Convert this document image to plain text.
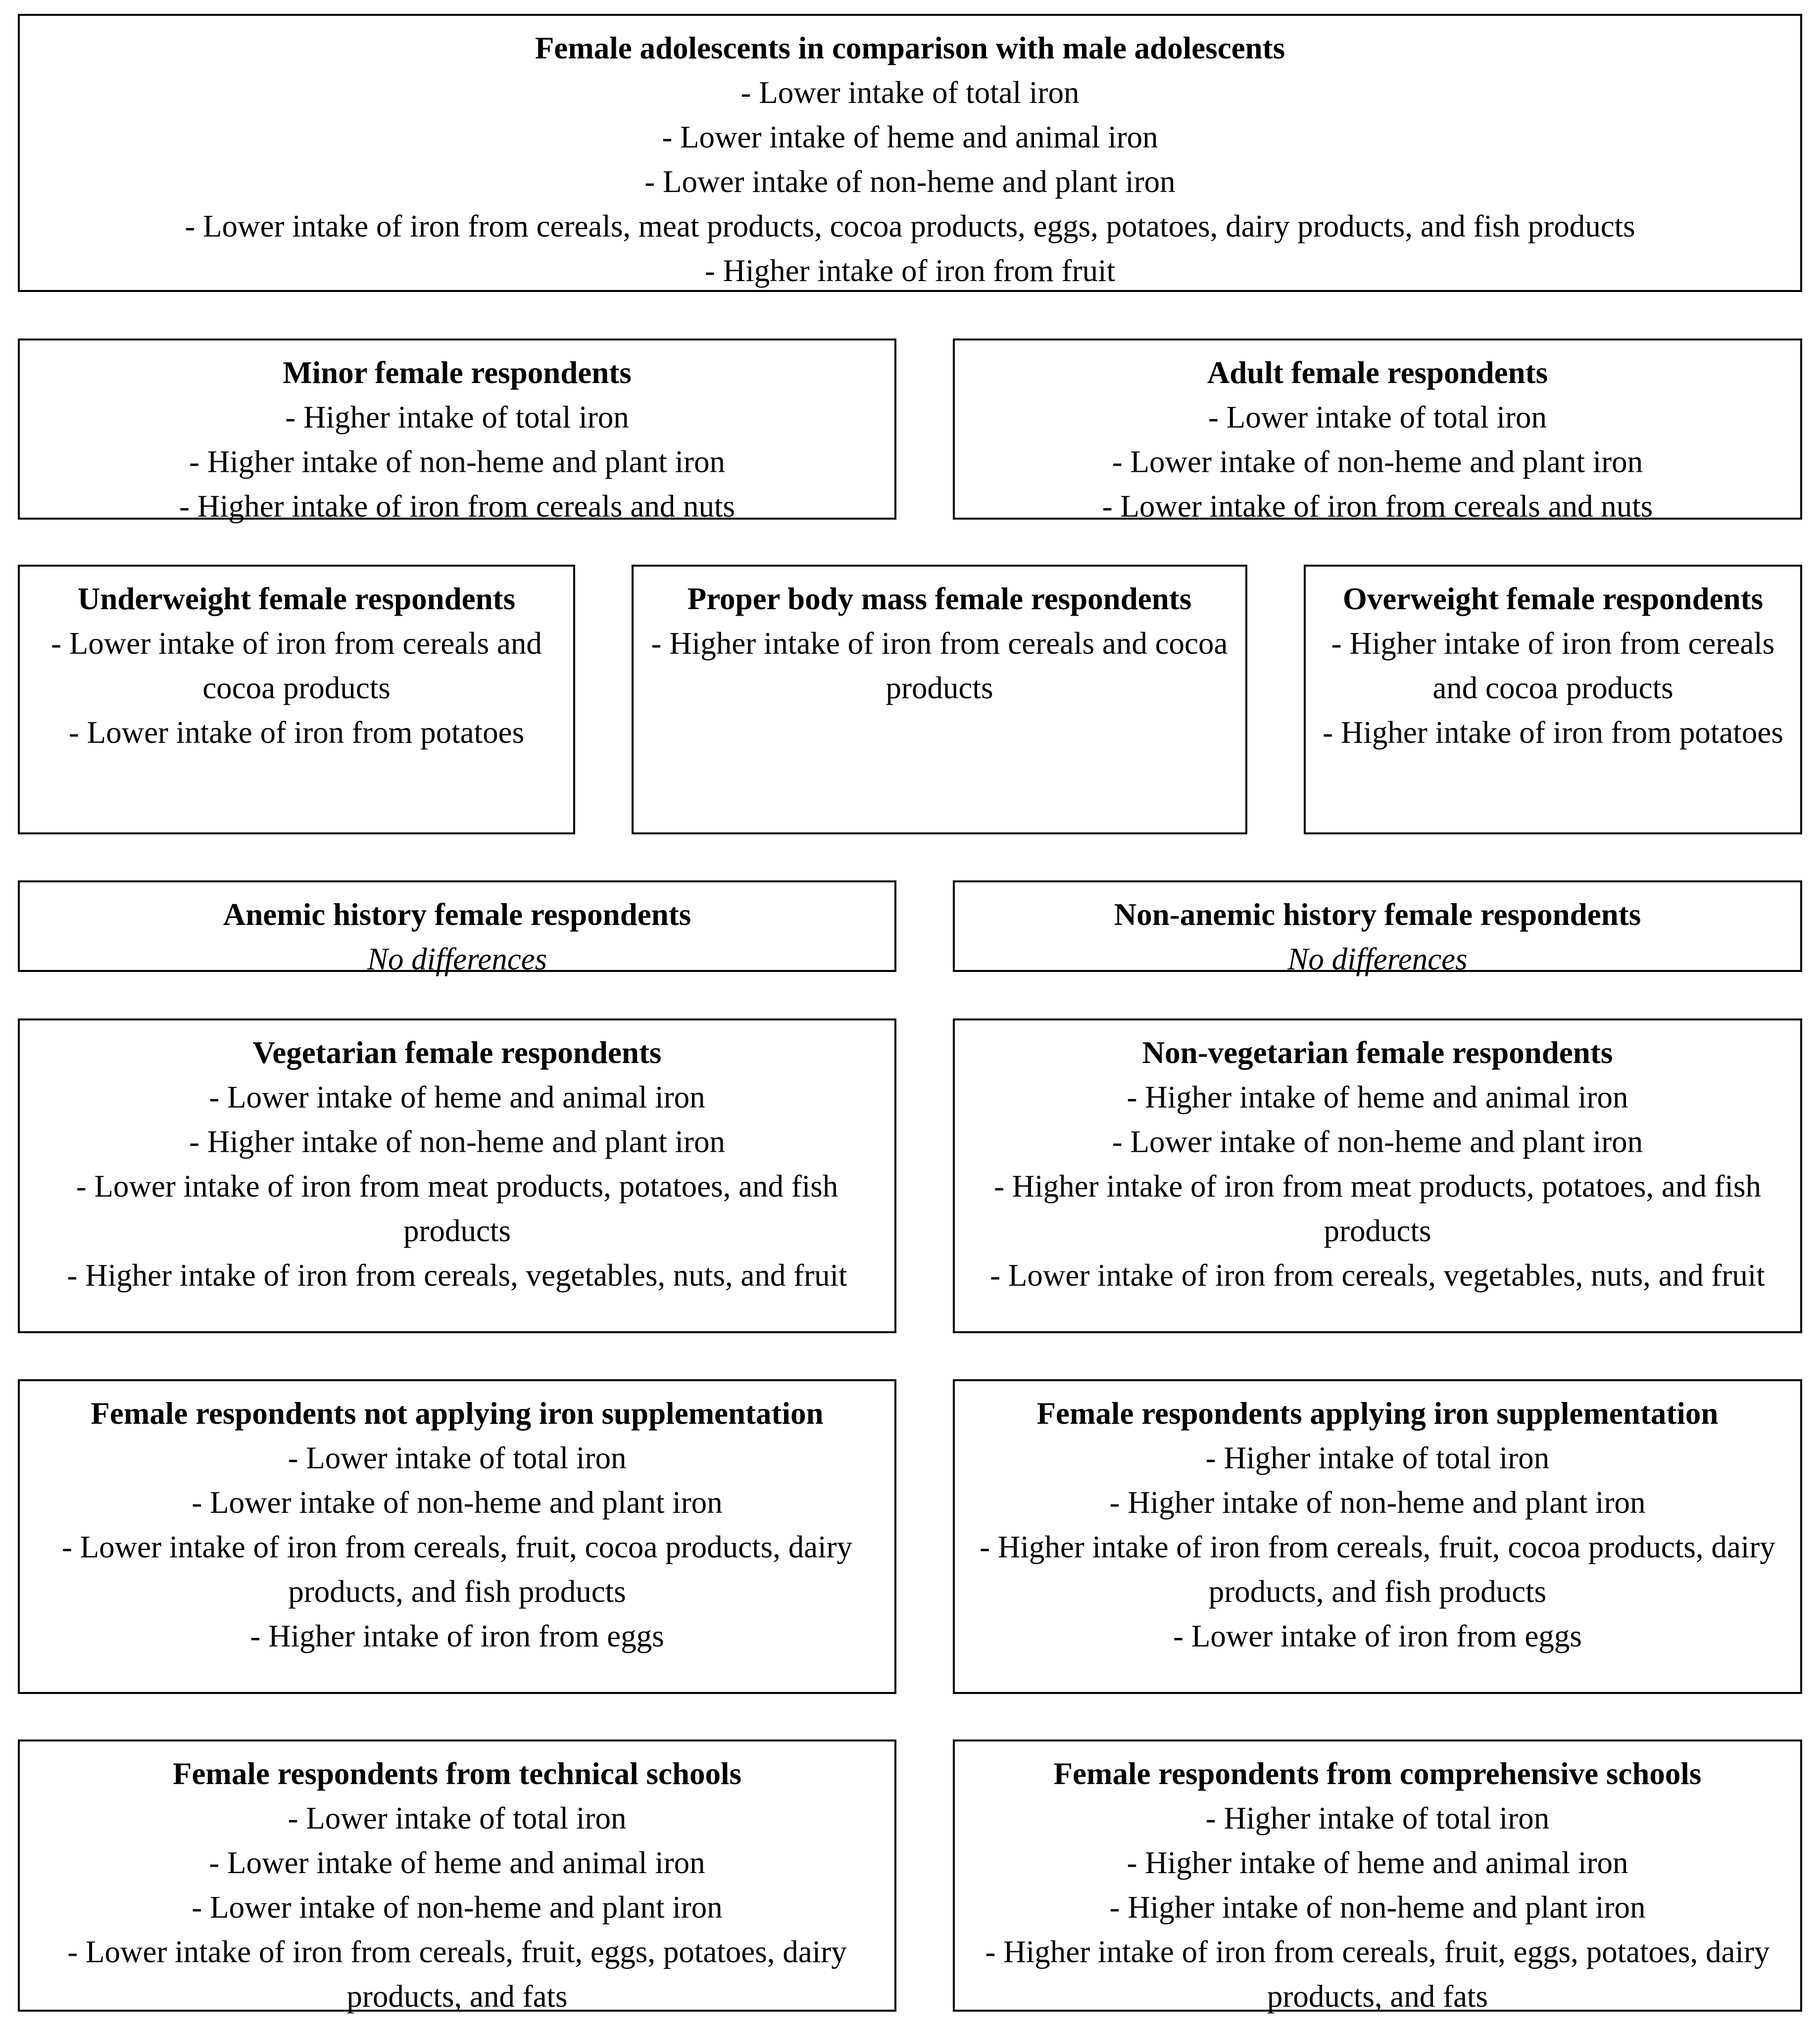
Female adolescents in comparison with male adolescents
- Lower intake of total iron
- Lower intake of heme and animal iron
- Lower intake of non-heme and plant iron
- Lower intake of iron from cereals, meat products, cocoa products, eggs, potatoes, dairy products, and fish products
- Higher intake of iron from fruit
Minor female respondents
- Higher intake of total iron
- Higher intake of non-heme and plant iron
- Higher intake of iron from cereals and nuts
Adult female respondents
- Lower intake of total iron
- Lower intake of non-heme and plant iron
- Lower intake of iron from cereals and nuts
Underweight female respondents
- Lower intake of iron from cereals and cocoa products
- Lower intake of iron from potatoes
Proper body mass female respondents
- Higher intake of iron from cereals and cocoa products
Overweight female respondents
- Higher intake of iron from cereals and cocoa products
- Higher intake of iron from potatoes
Anemic history female respondents
No differences
Non-anemic history female respondents
No differences
Vegetarian female respondents
- Lower intake of heme and animal iron
- Higher intake of non-heme and plant iron
- Lower intake of iron from meat products, potatoes, and fish products
- Higher intake of iron from cereals, vegetables, nuts, and fruit
Non-vegetarian female respondents
- Higher intake of heme and animal iron
- Lower intake of non-heme and plant iron
- Higher intake of iron from meat products, potatoes, and fish products
- Lower intake of iron from cereals, vegetables, nuts, and fruit
Female respondents not applying iron supplementation
- Lower intake of total iron
- Lower intake of non-heme and plant iron
- Lower intake of iron from cereals, fruit, cocoa products, dairy products, and fish products
- Higher intake of iron from eggs
Female respondents applying iron supplementation
- Higher intake of total iron
- Higher intake of non-heme and plant iron
- Higher intake of iron from cereals, fruit, cocoa products, dairy products, and fish products
- Lower intake of iron from eggs
Female respondents from technical schools
- Lower intake of total iron
- Lower intake of heme and animal iron
- Lower intake of non-heme and plant iron
- Lower intake of iron from cereals, fruit, eggs, potatoes, dairy products, and fats
Female respondents from comprehensive schools
- Higher intake of total iron
- Higher intake of heme and animal iron
- Higher intake of non-heme and plant iron
- Higher intake of iron from cereals, fruit, eggs, potatoes, dairy products, and fats
